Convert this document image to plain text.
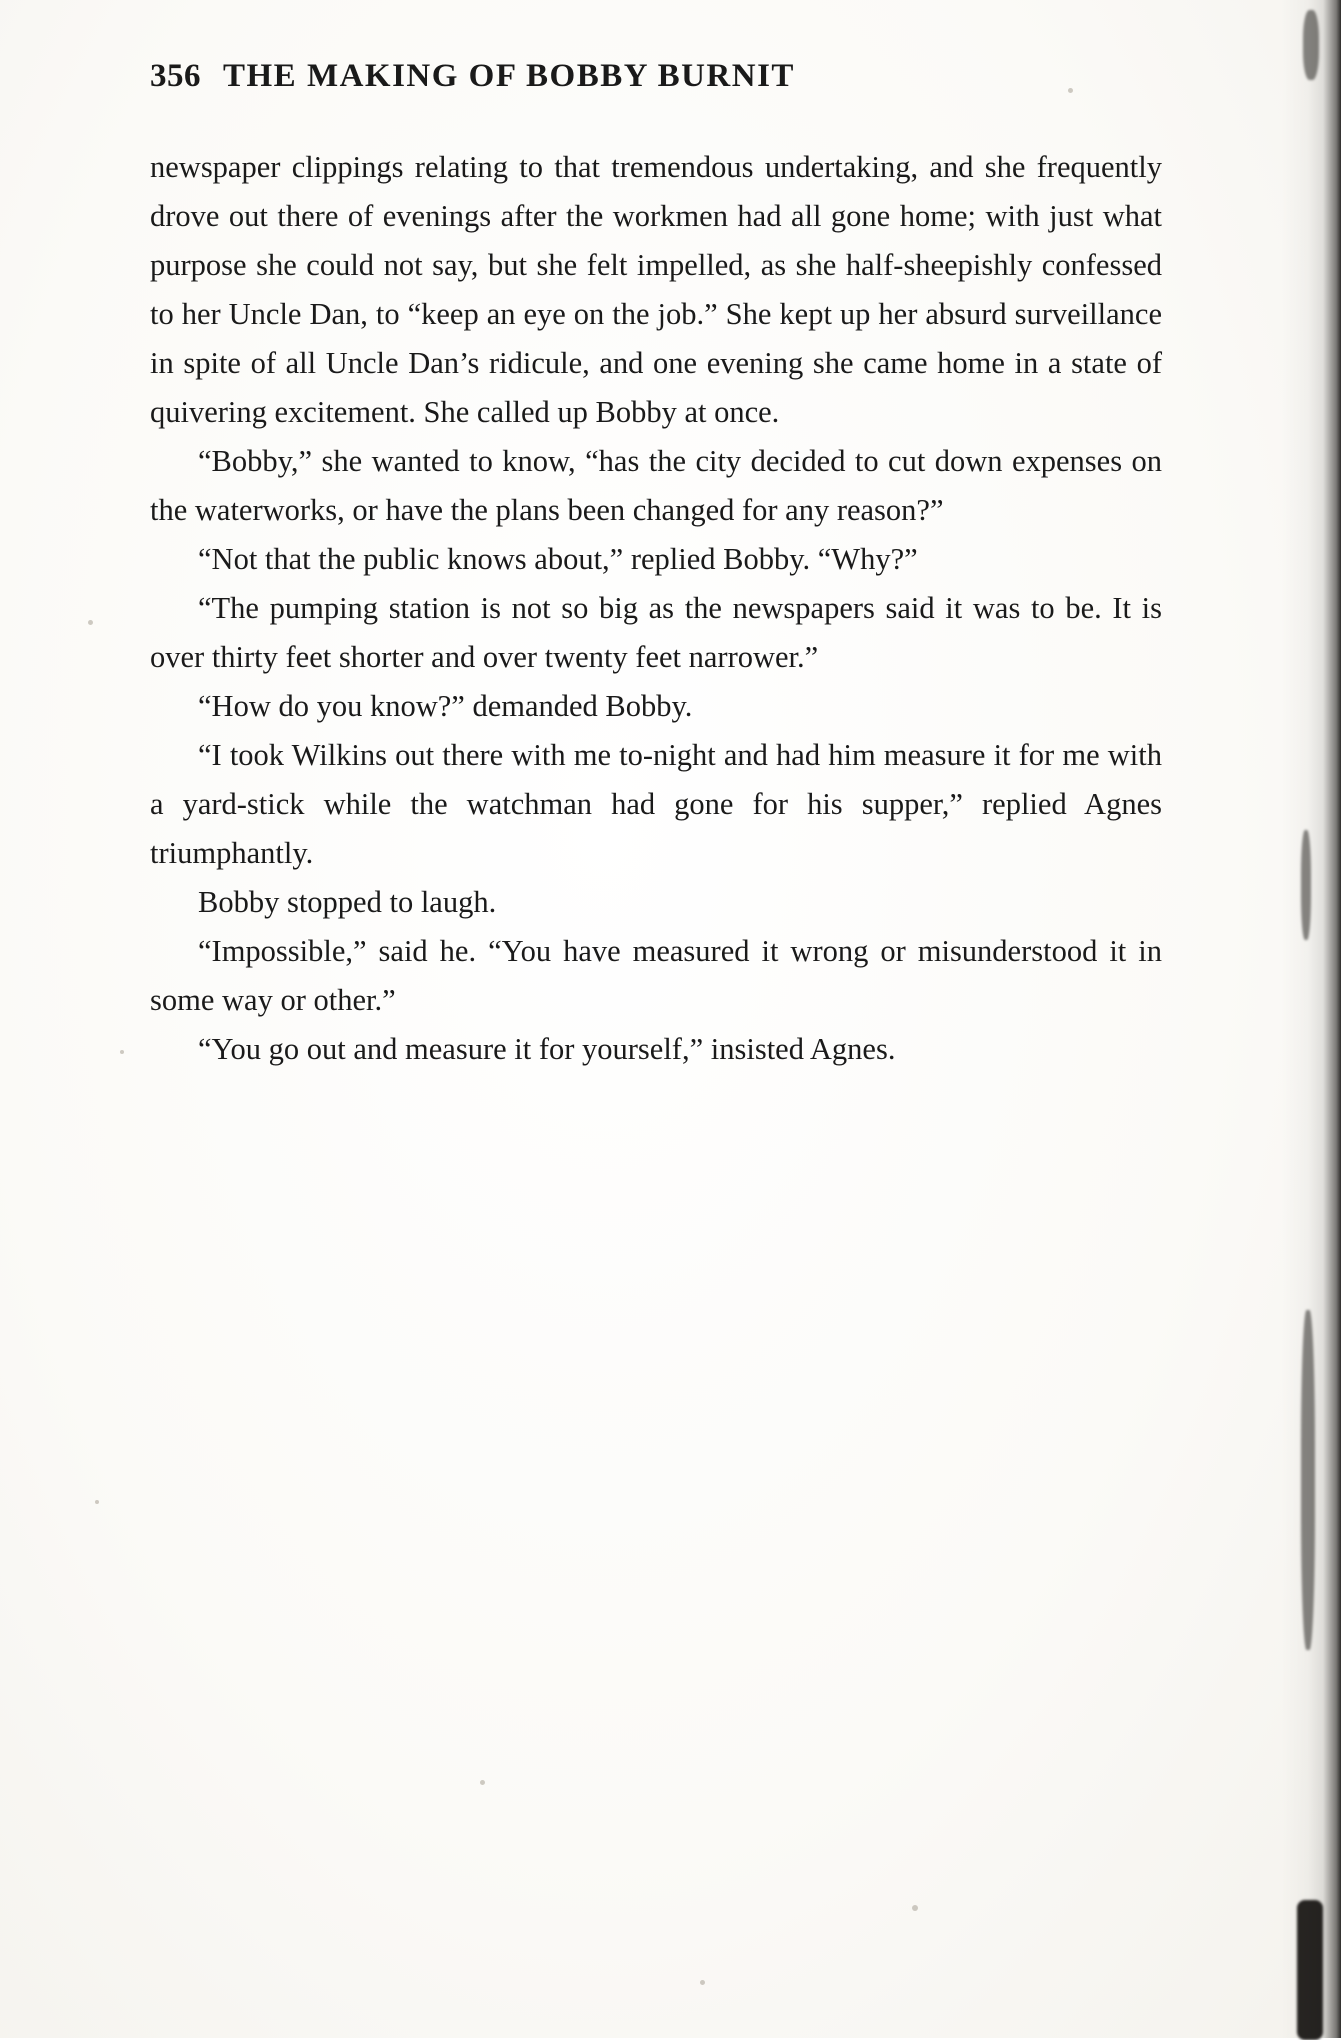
356 THE MAKING OF BOBBY BURNIT

newspaper clippings relating to that tremendous undertaking, and she frequently drove out there of evenings after the workmen had all gone home; with just what purpose she could not say, but she felt impelled, as she half-sheepishly confessed to her Uncle Dan, to “keep an eye on the job.” She kept up her absurd surveillance in spite of all Uncle Dan’s ridicule, and one evening she came home in a state of quivering excitement. She called up Bobby at once.

“Bobby,” she wanted to know, “has the city decided to cut down expenses on the waterworks, or have the plans been changed for any reason?”

“Not that the public knows about,” replied Bobby. “Why?”

“The pumping station is not so big as the newspapers said it was to be. It is over thirty feet shorter and over twenty feet narrower.”

“How do you know?” demanded Bobby.

“I took Wilkins out there with me to-night and had him measure it for me with a yard-stick while the watchman had gone for his supper,” replied Agnes triumphantly.

Bobby stopped to laugh.

“Impossible,” said he. “You have measured it wrong or misunderstood it in some way or other.”

“You go out and measure it for yourself,” insisted Agnes.
